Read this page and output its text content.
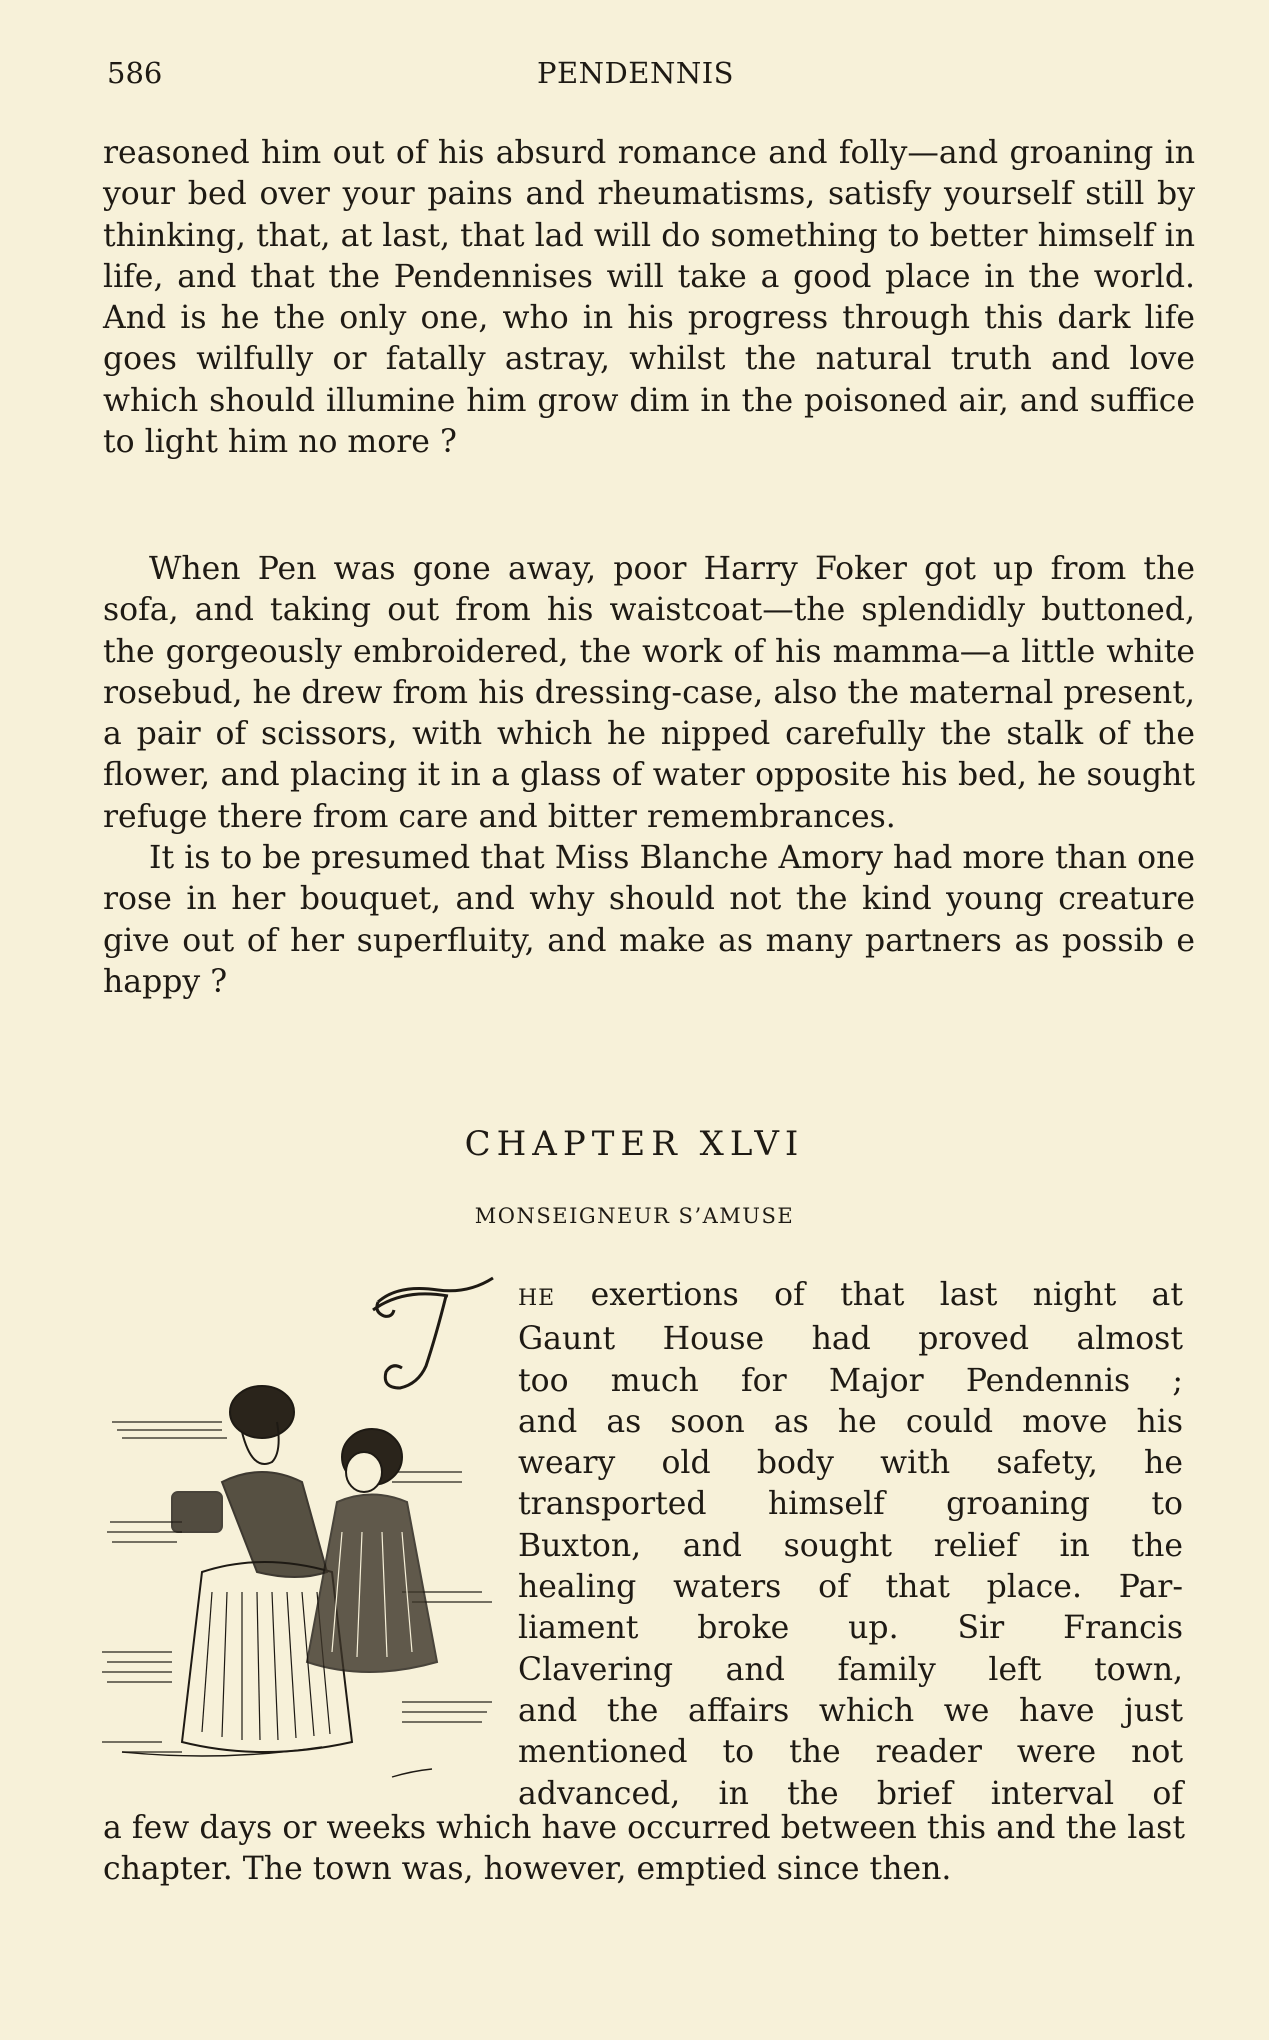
586	PENDENNIS

reasoned him out of his absurd romance and folly—and groaning in your bed over your pains and rheumatisms, satisfy yourself still by thinking, that, at last, that lad will do something to better himself in life, and that the Pendennises will take a good place in the world. And is he the only one, who in his progress through this dark life goes wilfully or fatally astray, whilst the natural truth and love which should illumine him grow dim in the poisoned air, and suffice to light him no more ?

When Pen was gone away, poor Harry Foker got up from the sofa, and taking out from his waistcoat—the splendidly buttoned, the gorgeously embroidered, the work of his mamma—a little white rosebud, he drew from his dressing-case, also the maternal present, a pair of scissors, with which he nipped carefully the stalk of the flower, and placing it in a glass of water opposite his bed, he sought refuge there from care and bitter remembrances.

It is to be presumed that Miss Blanche Amory had more than one rose in her bouquet, and why should not the kind young creature give out of her superfluity, and make as many partners as possib e happy ?

CHAPTER XLVI
MONSEIGNEUR S’AMUSE
HE exertions of that last night at
Gaunt House had proved almost
too much for Major Pendennis ;
and as soon as he could move his
weary old body with safety, he
transported himself groaning to
Buxton, and sought relief in the
healing waters of that place. Par-
liament broke up. Sir Francis
Clavering and family left town,
and the affairs which we have just
mentioned to the reader were not
advanced, in the brief interval of
a few days or weeks which have occurred between this and the last chapter. The town was, however, emptied since then.
